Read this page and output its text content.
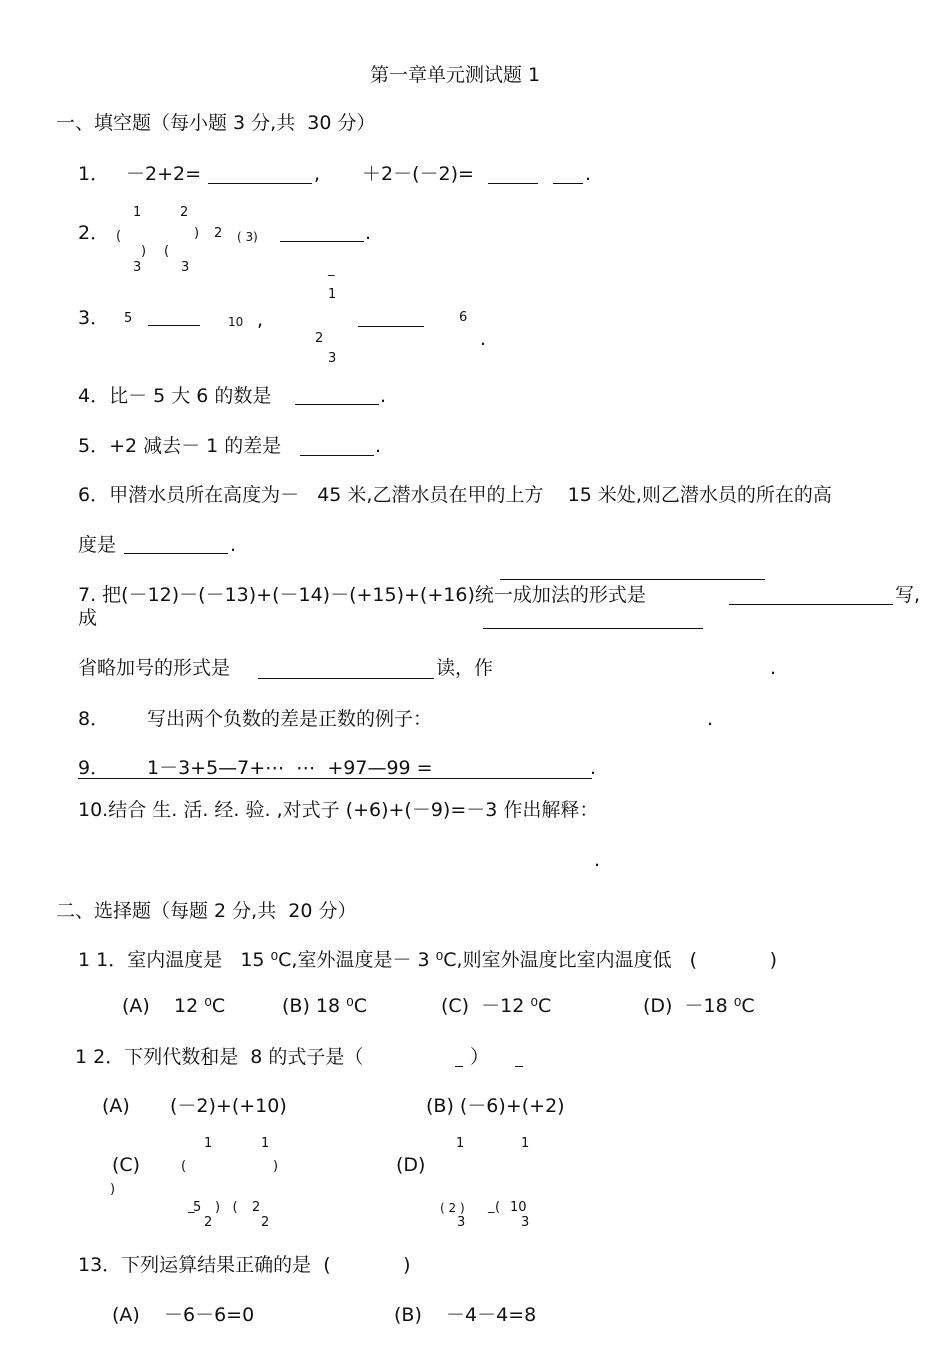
第一章单元测试题 1
一、填空题（每小题 3 分,共  30 分）
1． －2+2=	, ＋2－(－2)=	.
2．
1	2
(	)
) (
2 ( 3)
3	3
.
3． 5	10 ,
_
1
2
3
6
.
4．比－ 5 大 6 的数是	.
5．+2 减去－ 1 的差是	.
6．甲潜水员所在高度为－   45 米,乙潜水员在甲的上方    15 米处,则乙潜水员的所在的高
度是	.
7. 把(－12)－(－13)+(－14)－(+15)+(+16)统一成加法的形式是	写,
成
省略加号的形式是	读，作	.
8． 写出两个负数的差是正数的例子：	.
9． 1－3+5—7+⋯  ⋯  +97—99 =	.
10.结合 生. 活. 经. 验. ,对式子 (+6)+(－9)=－3 作出解释：
.
二、选择题（每题 2 分,共  20 分）
1 1．室内温度是   15 ⁰C,室外温度是－ 3 ⁰C,则室外温度比室内温度低   (            )
(A)    12 ⁰C	(B) 18 ⁰C	(C)  －12 ⁰C	(D)  －18 ⁰C
1 2．下列代数和是  8 的式子是（	）
(A) (－2)+(+10)	(B) (－6)+(+2)
(C)
)
1	1
(	)
_
5
2
)   ( 2
2
(D)
1	1
( 2 )
3
_ ( 10
3
13．下列运算结果正确的是  (            )
(A)    －6－6=0	(B)    －4－4=8
